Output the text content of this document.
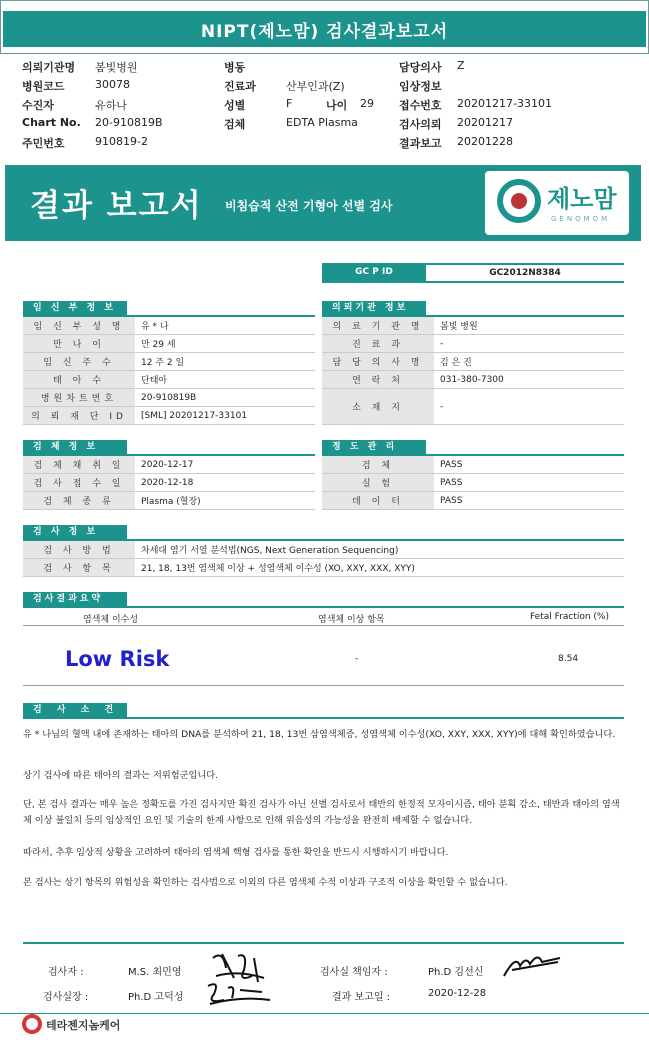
NIPT(제노맘) 검사결과보고서
의뢰기관명 봄빛병원
병원코드	30078
수진자	유하나
Chart No. 20-910819B
주민번호	910819-2
병동
진료과	산부인과(Z)
성별	F	나이 29
검체	EDTA Plasma
담당의사 Z
임상정보
접수번호 20201217-33101
검사의뢰 20201217
결과보고 20201228
결과 보고서 비침습적 산전 기형아 선별 검사	제노맘
GENOMOM
GC P ID	GC2012N8384
임 신 부 정 보
임 신 부 성 명	유 * 나
만 나 이	만 29 세
임 신 주 수	12 주 2 일
태 아 수	단태아
병원차트번호	20-910819B
의 뢰 재 단 ID	[SML] 20201217-33101
의뢰기관 정보
의 료 기 관 명	봄빛 병원
진 료 과	-
담 당 의 사 명	김 은 진
연 락 처	031-380-7300
소 재 지	-
검 체 정 보
검 체 채 취 일	2020-12-17
검 사 접 수 일	2020-12-18
검 체 종 류	Plasma (혈장)
정 도 관 리
검 체	PASS
실 험	PASS
데 이 터	PASS
검 사 정 보
검 사 방 법	차세대 염기 서열 분석법(NGS, Next Generation Sequencing)
검 사 항 목	21, 18, 13번 염색체 이상 + 성염색체 이수성 (XO, XXY, XXX, XYY)
검사결과요약
염색체 이수성	염색체 이상 항목	Fetal Fraction (%)
Low Risk	-	8.54
검 사 소 견
유 * 나님의 혈액 내에 존재하는 태아의 DNA를 분석하여 21, 18, 13번 삼염색체증, 성염색체 이수성(XO, XXY, XXX, XYY)에 대해 확인하였습니다.
상기 검사에 따른 태아의 결과는 저위험군입니다.
단, 본 검사 결과는 매우 높은 정확도를 가진 검사지만 확진 검사가 아닌 선별 검사로서 태반의 한정적 모자이시즘, 태아 분획 감소, 태반과 태아의 염색체 이상 불일치 등의 임상적인 요인 및 기술의 한계 사항으로 인해 위음성의 가능성을 완전히 배제할 수 없습니다.
따라서, 추후 임상적 상황을 고려하여 태아의 염색체 핵형 검사를 통한 확인을 반드시 시행하시기 바랍니다.
본 검사는 상기 항목의 위험성을 확인하는 검사법으로 이외의 다른 염색체 수적 이상과 구조적 이상을 확인할 수 없습니다.
검사자 :	M.S. 최민영
검사실장 :	Ph.D 고덕성
검사실 책임자 :	Ph.D 김선신
결과 보고일 :	2020-12-28
테라젠지놈케어
